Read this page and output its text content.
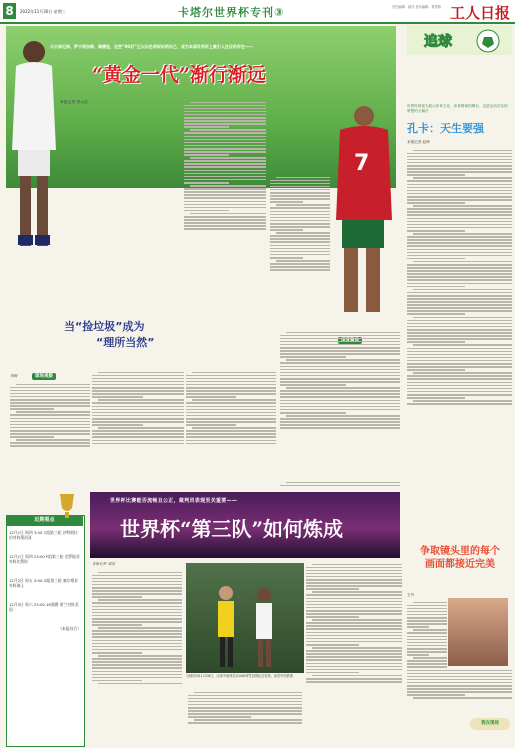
8	2022年11月30日 星期三	卡塔尔世界杯专刊③	责任编辑：郝洋 美术编辑：易思琪 工人日报
从贝林厄姆、萨卡到加维、佩德里，这些“00后”正以出色表现证明自己，成为本届世界杯上最引人注目的存在——
“黄金一代”渐行渐远
7
本报记者 李元浩

追球
世界杯被视为展示体育文化、体育精神的舞台，也是运动员实现梦想的大舞台
孔卡：天生要强
本报记者 赵琦
争取镜头里的每个画面都接近完美
王丹
我在现场
当“捡垃圾”成为
“理所当然”
球场观察
刘毅
近期看点
12月1日 周四 3:00 C组第三轮 沙特阿拉伯对阵墨西哥
12月1日 周四 23:00 F组第三轮 克罗地亚对阵比利时
12月2日 周五 3:00 G组第三轮 塞尔维亚对阵瑞士
12月3日 周六 23:00 16强赛 荷兰对阵美国
（本报综合）
世界杯比赛能否流畅且公正，裁判员表现至关重要——
世界杯“第三队”如何炼成
本报记者 邓国
当地时间11月28日，比赛中裁判员以VAR判罚加纳队员犯规。视觉中国供图
